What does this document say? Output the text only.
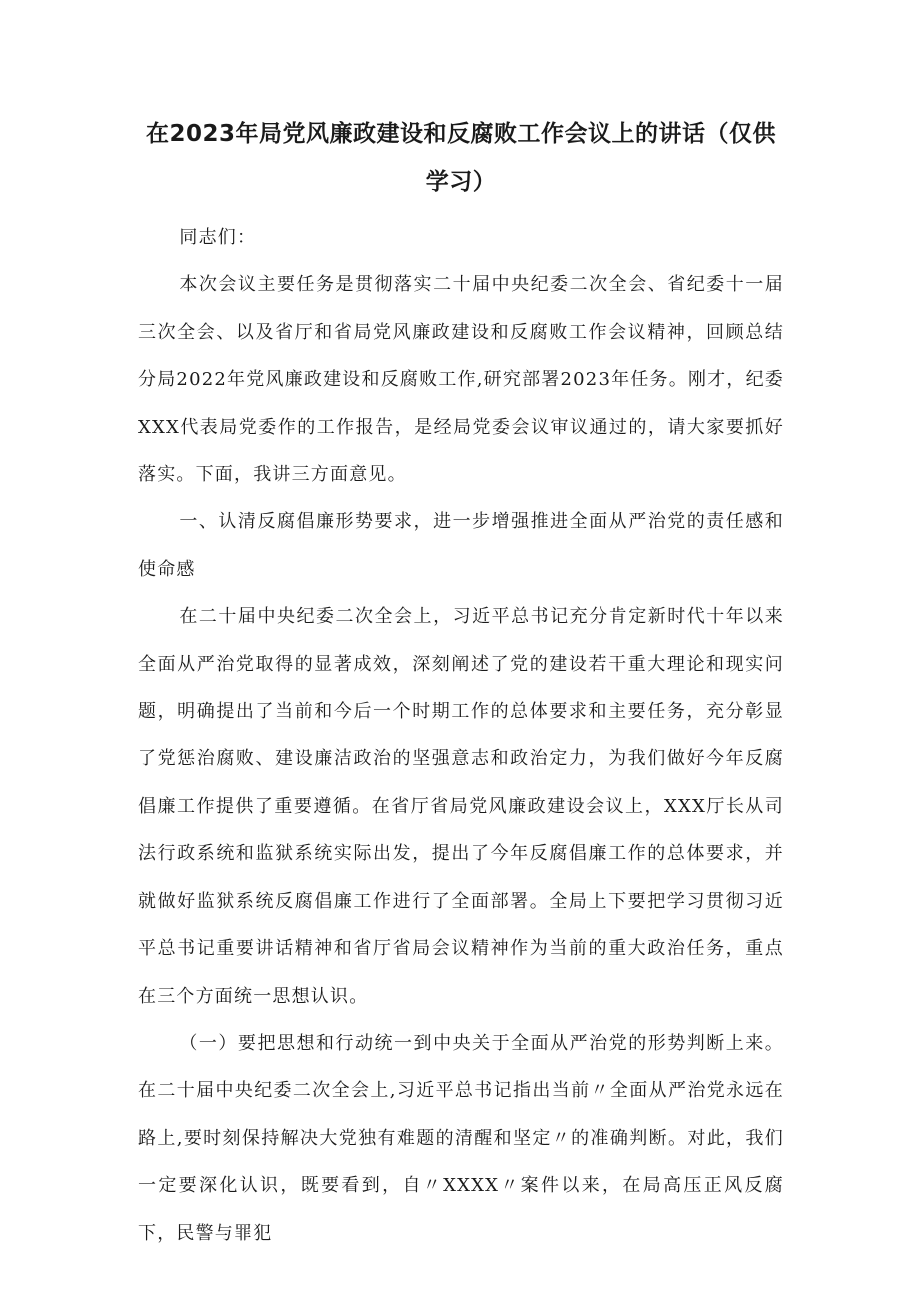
在2023年局党风廉政建设和反腐败工作会议上的讲话（仅供学习）

同志们：

本次会议主要任务是贯彻落实二十届中央纪委二次全会、省纪委十一届三次全会、以及省厅和省局党风廉政建设和反腐败工作会议精神，回顾总结分局2022年党风廉政建设和反腐败工作,研究部署2023年任务。刚才，纪委XXX代表局党委作的工作报告，是经局党委会议审议通过的，请大家要抓好落实。下面，我讲三方面意见。

一、认清反腐倡廉形势要求，进一步增强推进全面从严治党的责任感和使命感

在二十届中央纪委二次全会上，习近平总书记充分肯定新时代十年以来全面从严治党取得的显著成效，深刻阐述了党的建设若干重大理论和现实问题，明确提出了当前和今后一个时期工作的总体要求和主要任务，充分彰显了党惩治腐败、建设廉洁政治的坚强意志和政治定力，为我们做好今年反腐倡廉工作提供了重要遵循。在省厅省局党风廉政建设会议上，XXX厅长从司法行政系统和监狱系统实际出发，提出了今年反腐倡廉工作的总体要求，并就做好监狱系统反腐倡廉工作进行了全面部署。全局上下要把学习贯彻习近平总书记重要讲话精神和省厅省局会议精神作为当前的重大政治任务，重点在三个方面统一思想认识。

（一）要把思想和行动统一到中央关于全面从严治党的形势判断上来。在二十届中央纪委二次全会上,习近平总书记指出当前〃全面从严治党永远在路上,要时刻保持解决大党独有难题的清醒和坚定〃的准确判断。对此，我们一定要深化认识，既要看到，自〃XXXX〃案件以来，在局高压正风反腐下，民警与罪犯
